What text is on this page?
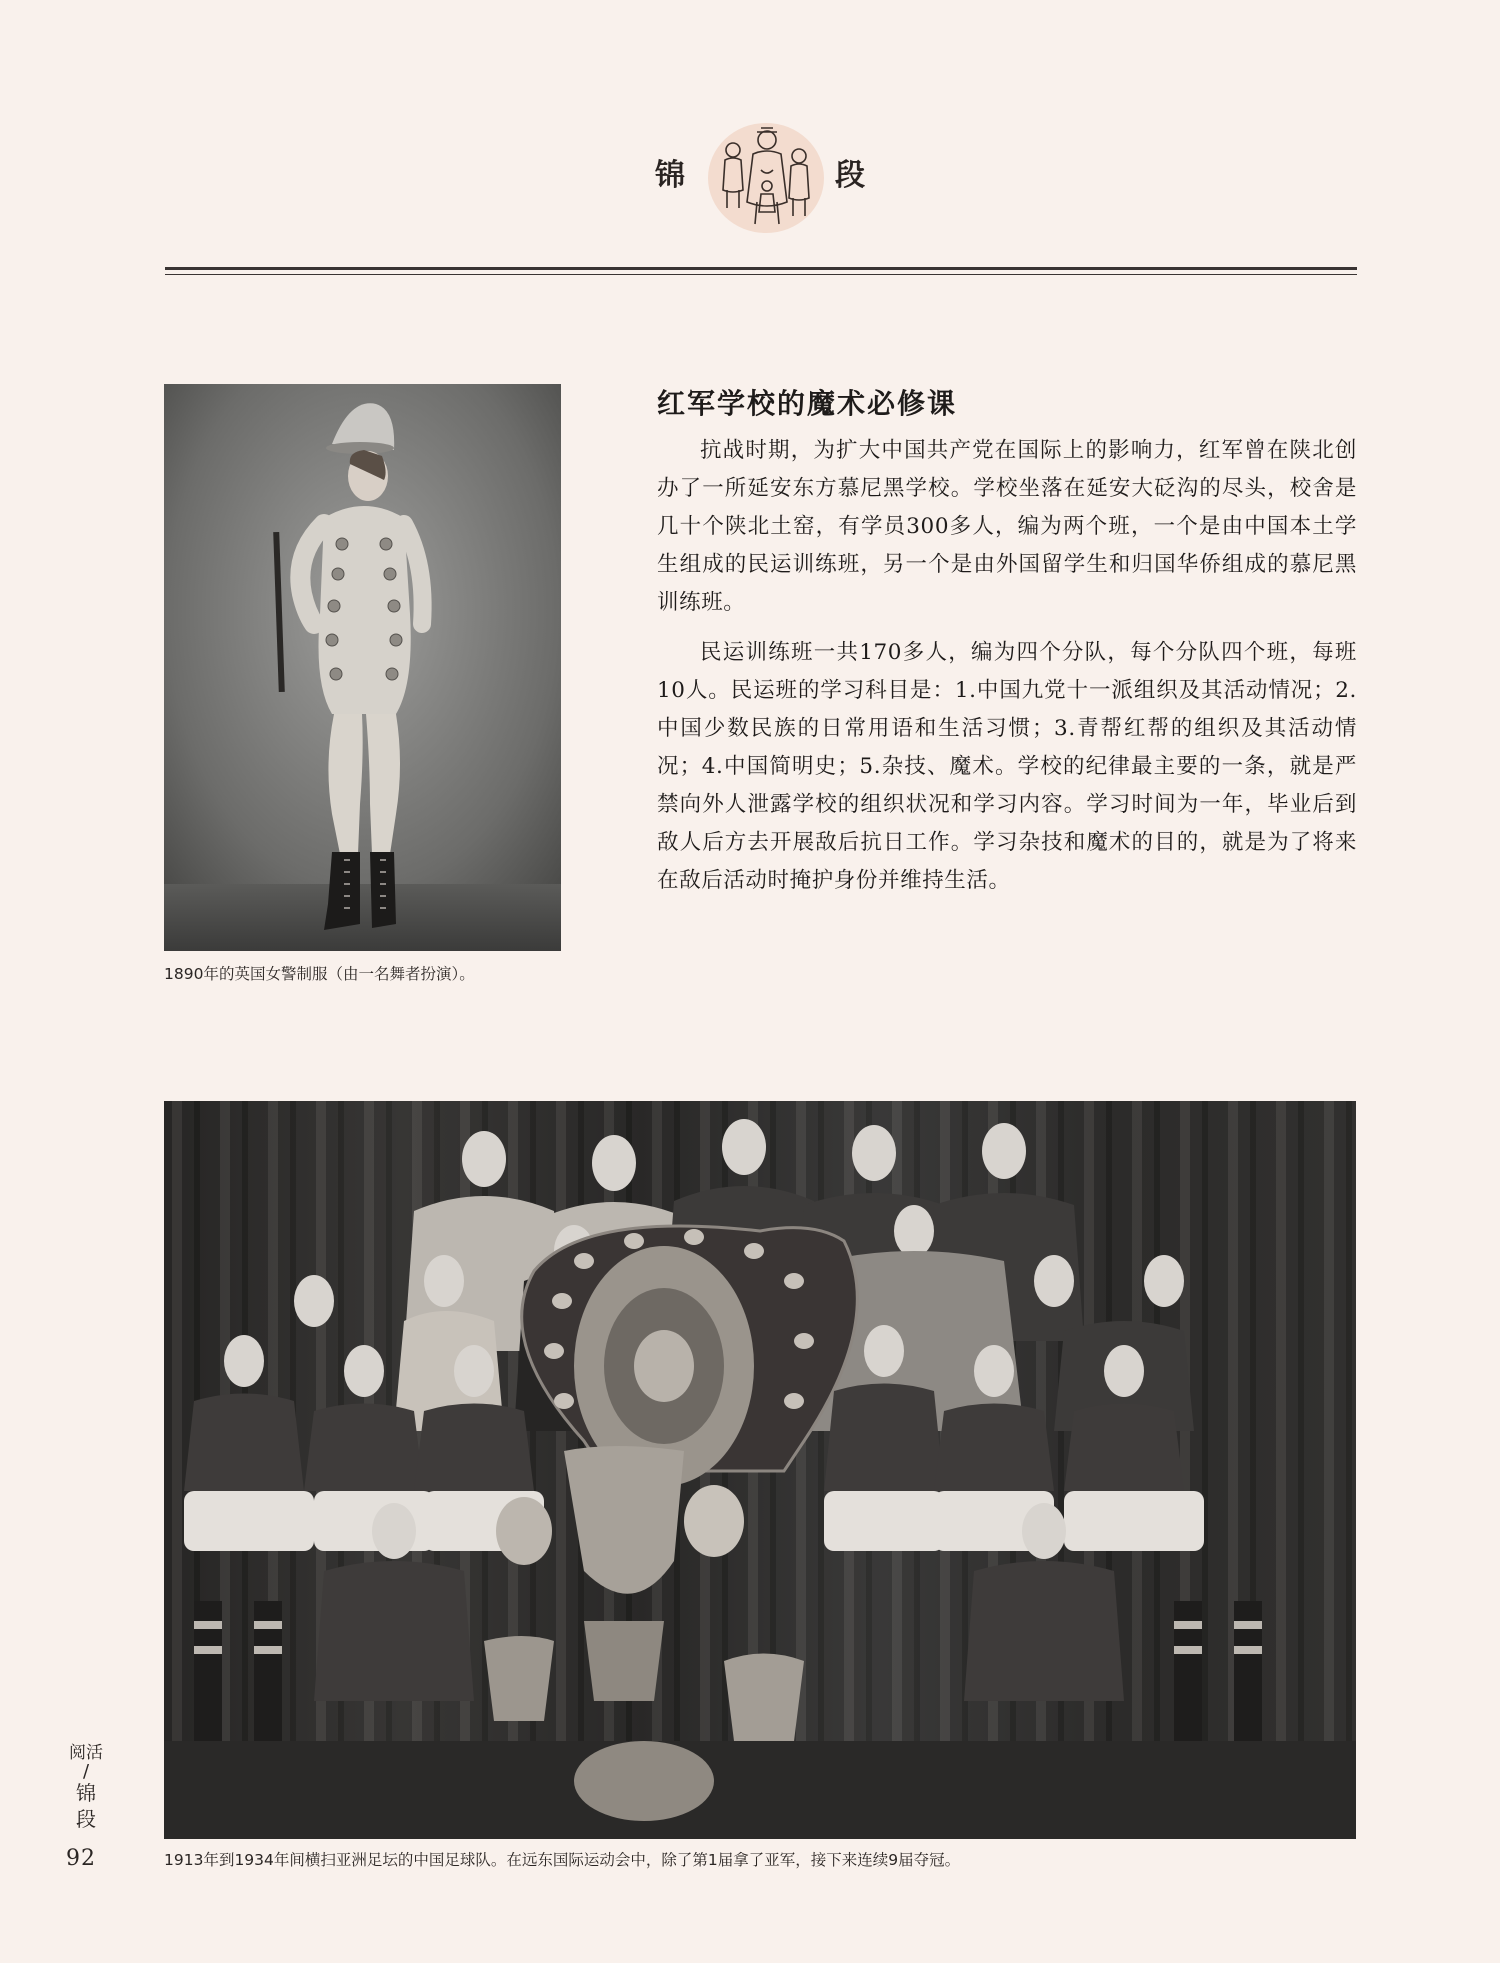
锦	段
1890年的英国女警制服（由一名舞者扮演）。
红军学校的魔术必修课

抗战时期，为扩大中国共产党在国际上的影响力，红军曾在陕北创办了一所延安东方慕尼黑学校。学校坐落在延安大砭沟的尽头，校舍是几十个陕北土窑，有学员300多人，编为两个班，一个是由中国本土学生组成的民运训练班，另一个是由外国留学生和归国华侨组成的慕尼黑训练班。

民运训练班一共170多人，编为四个分队，每个分队四个班，每班10人。民运班的学习科目是：1.中国九党十一派组织及其活动情况；2.中国少数民族的日常用语和生活习惯；3.青帮红帮的组织及其活动情况；4.中国简明史；5.杂技、魔术。学校的纪律最主要的一条，就是严禁向外人泄露学校的组织状况和学习内容。学习时间为一年，毕业后到敌人后方去开展敌后抗日工作。学习杂技和魔术的目的，就是为了将来在敌后活动时掩护身份并维持生活。

1913年到1934年间横扫亚洲足坛的中国足球队。在远东国际运动会中，除了第1届拿了亚军，接下来连续9届夺冠。
阅活
/
锦段
92
